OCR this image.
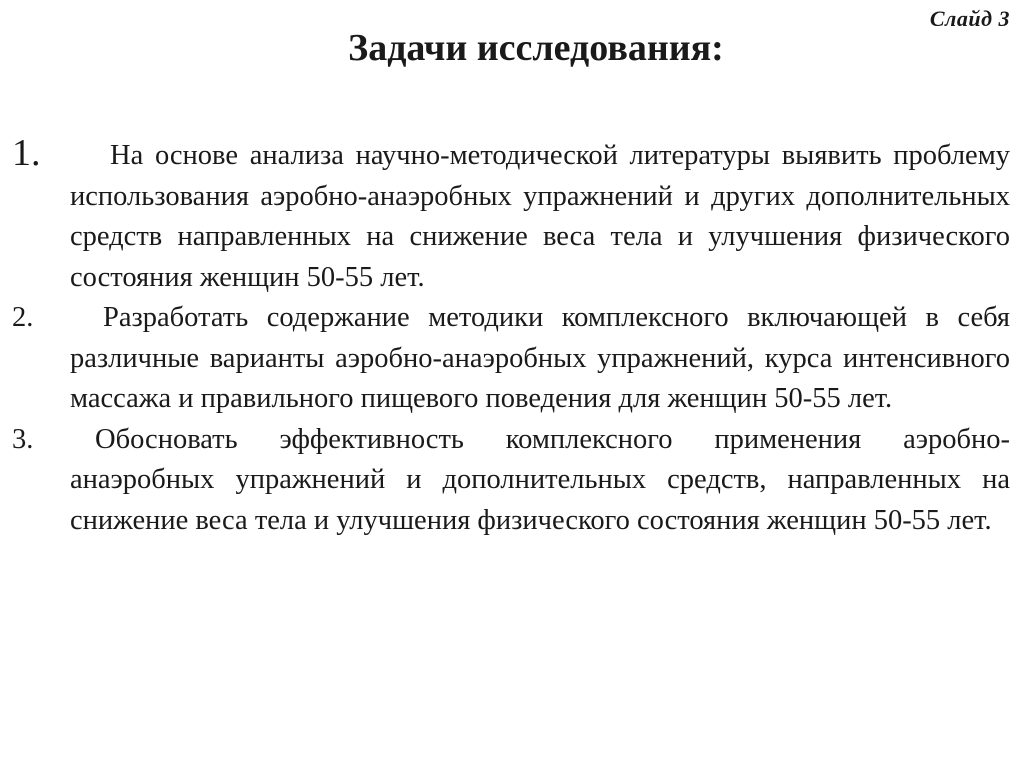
Слайд 3
Задачи исследования:
1.	На основе анализа научно-методической литературы выявить проблему использования аэробно-анаэробных упражнений и других дополнительных средств направленных на снижение веса тела и улучшения физического состояния женщин 50-55 лет.
2.	Разработать содержание методики комплексного включающей в себя различные варианты аэробно-анаэробных упражнений, курса интенсивного массажа и правильного пищевого поведения для женщин 50-55 лет.
3.	Обосновать эффективность комплексного применения аэробно-анаэробных упражнений и дополнительных средств, направленных на снижение веса тела и улучшения физического состояния женщин 50-55 лет.
